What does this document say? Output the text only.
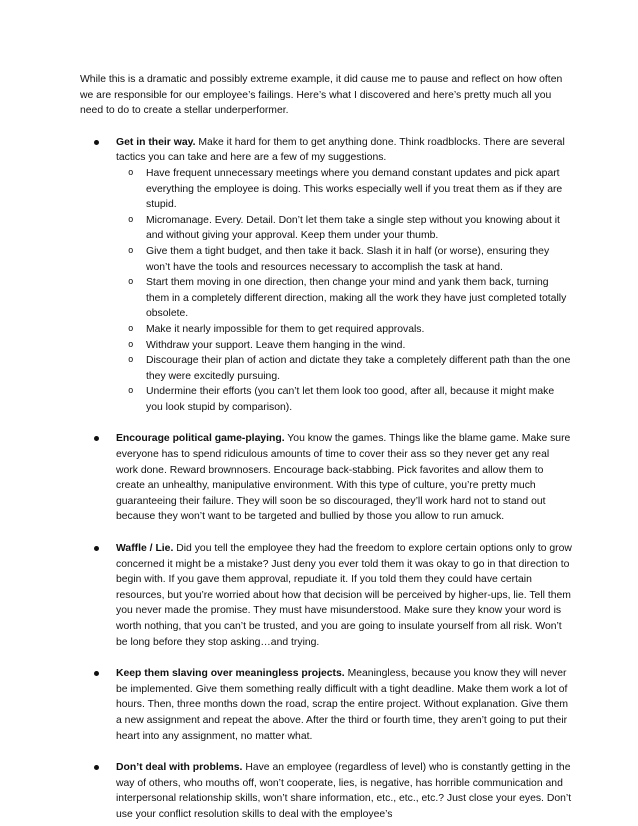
While this is a dramatic and possibly extreme example, it did cause me to pause and reflect on how often we are responsible for our employee’s failings. Here’s what I discovered and here’s pretty much all you need to do to create a stellar underperformer.

Get in their way. Make it hard for them to get anything done. Think roadblocks. There are several tactics you can take and here are a few of my suggestions.
o Have frequent unnecessary meetings where you demand constant updates and pick apart everything the employee is doing. This works especially well if you treat them as if they are stupid.
o Micromanage. Every. Detail. Don’t let them take a single step without you knowing about it and without giving your approval. Keep them under your thumb.
o Give them a tight budget, and then take it back. Slash it in half (or worse), ensuring they won’t have the tools and resources necessary to accomplish the task at hand.
o Start them moving in one direction, then change your mind and yank them back, turning them in a completely different direction, making all the work they have just completed totally obsolete.
o Make it nearly impossible for them to get required approvals.
o Withdraw your support. Leave them hanging in the wind.
o Discourage their plan of action and dictate they take a completely different path than the one they were excitedly pursuing.
o Undermine their efforts (you can’t let them look too good, after all, because it might make you look stupid by comparison).
Encourage political game-playing. You know the games. Things like the blame game. Make sure everyone has to spend ridiculous amounts of time to cover their ass so they never get any real work done. Reward brownnosers. Encourage back-stabbing. Pick favorites and allow them to create an unhealthy, manipulative environment. With this type of culture, you’re pretty much guaranteeing their failure. They will soon be so discouraged, they’ll work hard not to stand out because they won’t want to be targeted and bullied by those you allow to run amuck.
Waffle / Lie. Did you tell the employee they had the freedom to explore certain options only to grow concerned it might be a mistake? Just deny you ever told them it was okay to go in that direction to begin with. If you gave them approval, repudiate it. If you told them they could have certain resources, but you’re worried about how that decision will be perceived by higher-ups, lie. Tell them you never made the promise. They must have misunderstood. Make sure they know your word is worth nothing, that you can’t be trusted, and you are going to insulate yourself from all risk. Won’t be long before they stop asking…and trying.
Keep them slaving over meaningless projects. Meaningless, because you know they will never be implemented. Give them something really difficult with a tight deadline. Make them work a lot of hours. Then, three months down the road, scrap the entire project. Without explanation. Give them a new assignment and repeat the above. After the third or fourth time, they aren’t going to put their heart into any assignment, no matter what.
Don’t deal with problems. Have an employee (regardless of level) who is constantly getting in the way of others, who mouths off, won’t cooperate, lies, is negative, has horrible communication and interpersonal relationship skills, won’t share information, etc., etc., etc.? Just close your eyes. Don’t use your conflict resolution skills to deal with the employee’s
